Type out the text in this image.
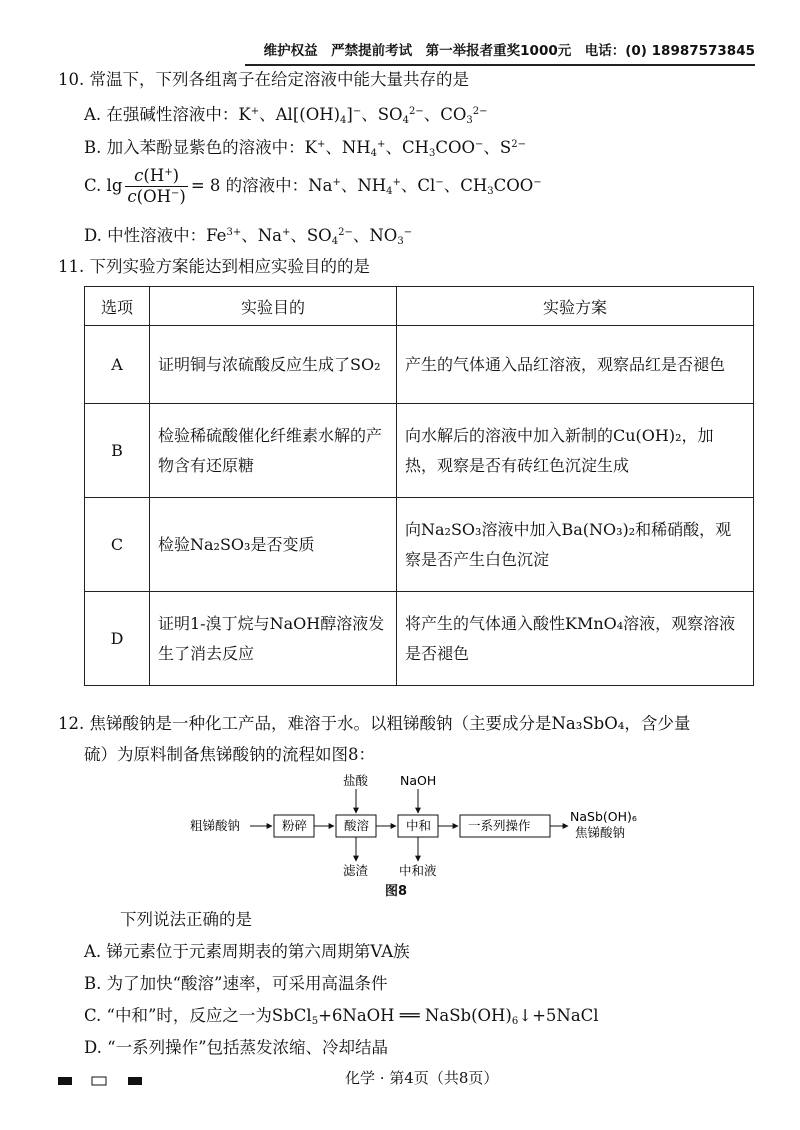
维护权益　严禁提前考试　第一举报者重奖1000元　电话：(0) 18987573845
10. 常温下，下列各组离子在给定溶液中能大量共存的是
A. 在强碱性溶液中：K+、$Al[(OH)_4]^-$、$SO_4^{2-}$、$CO_3^{2-}$
B. 加入苯酚显紫色的溶液中：K+、$NH_4^+$、$CH_3COO^-$、$S^{2-}$
C. $\lg \frac{c(H^+)}{c(OH^-)} = 8$ 的溶液中：Na+、$NH_4^+$、Cl−、$CH_3COO^-$
D. 中性溶液中：$Fe^{3+}$、Na+、$SO_4^{2-}$、$NO_3^-$
11. 下列实验方案能达到相应实验目的的是
选项	实验目的	实验方案
A	证明铜与浓硫酸反应生成了SO₂	产生的气体通入品红溶液，观察品红是否褪色
B	检验稀硫酸催化纤维素水解的产物含有还原糖	向水解后的溶液中加入新制的Cu(OH)₂，加热，观察是否有砖红色沉淀生成
C	检验Na₂SO₃是否变质	向Na₂SO₃溶液中加入Ba(NO₃)₂和稀硝酸，观察是否产生白色沉淀
D	证明1-溴丁烷与NaOH醇溶液发生了消去反应	将产生的气体通入酸性KMnO₄溶液，观察溶液是否褪色
12. 焦锑酸钠是一种化工产品，难溶于水。以粗锑酸钠（主要成分是Na₃SbO₄，含少量
硫）为原料制备焦锑酸钠的流程如图8：
粗锑酸钠	粉碎	酸溶
盐酸
滤渣
中和
NaOH
中和液
一系列操作
NaSb(OH)₆
焦锑酸钠
图8
下列说法正确的是
A. 锑元素位于元素周期表的第六周期第VA族
B. 为了加快“酸溶”速率，可采用高温条件
C. “中和”时，反应之一为SbCl$_5$+6NaOH ══ $NaSb(OH)_6↓+5NaCl$
D. “一系列操作”包括蒸发浓缩、冷却结晶
化学 · 第4页（共8页）
